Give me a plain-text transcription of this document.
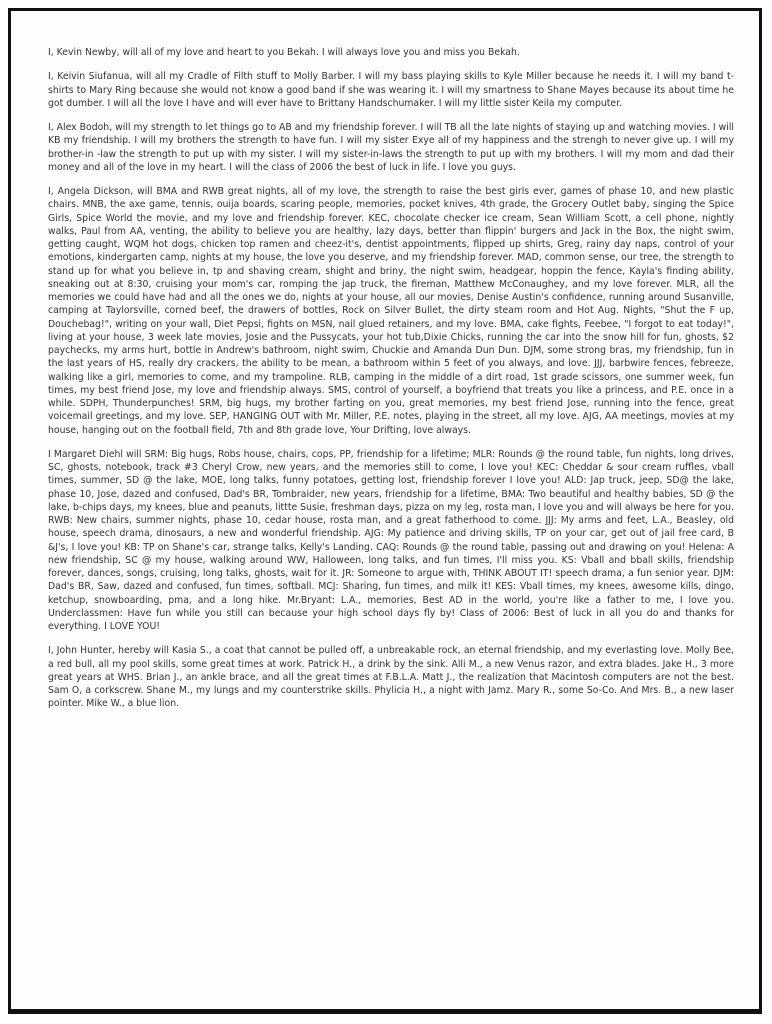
I, Kevin Newby, will all of my love and heart to you Bekah. I will always love you and miss you Bekah.

I, Keivin Siufanua, will all my Cradle of Filth stuff to Molly Barber. I will my bass playing skills to Kyle Miller because he needs it. I will my band t-shirts to Mary Ring because she would not know a good band if she was wearing it. I will my smartness to Shane Mayes because its about time he got dumber. I will all the love I have and will ever have to Brittany Handschumaker. I will my little sister Keila my computer.

I, Alex Bodoh, will my strength to let things go to AB and my friendship forever. I will TB all the late nights of staying up and watching movies. I will KB my friendship. I will my brothers the strength to have fun. I will my sister Exye all of my happiness and the strengh to never give up. I will my brother-in -law the strength to put up with my sister. I will my sister-in-laws the strength to put up with my brothers. I will my mom and dad their money and all of the love in my heart. I will the class of 2006 the best of luck in life. I love you guys.

I, Angela Dickson, will BMA and RWB great nights, all of my love, the strength to raise the best girls ever, games of phase 10, and new plastic chairs. MNB, the axe game, tennis, ouija boards, scaring people, memories, pocket knives, 4th grade, the Grocery Outlet baby, singing the Spice Girls, Spice World the movie, and my love and friendship forever. KEC, chocolate checker ice cream, Sean William Scott, a cell phone, nightly walks, Paul from AA, venting, the ability to believe you are healthy, lazy days, better than flippin' burgers and Jack in the Box, the night swim, getting caught, WQM hot dogs, chicken top ramen and cheez-it's, dentist appointments, flipped up shirts, Greg, rainy day naps, control of your emotions, kindergarten camp, nights at my house, the love you deserve, and my friendship forever. MAD, common sense, our tree, the strength to stand up for what you believe in, tp and shaving cream, shight and briny, the night swim, headgear, hoppin the fence, Kayla's finding ability, sneaking out at 8:30, cruising your mom's car, romping the jap truck, the fireman, Matthew McConaughey, and my love forever. MLR, all the memories we could have had and all the ones we do, nights at your house, all our movies, Denise Austin's confidence, running around Susanville, camping at Taylorsville, corned beef, the drawers of bottles, Rock on Silver Bullet, the dirty steam room and Hot Aug. Nights, "Shut the F up, Douchebag!", writing on your wall, Diet Pepsi, fights on MSN, nail glued retainers, and my love. BMA, cake fights, Feebee, "I forgot to eat today!", living at your house, 3 week late movies, Josie and the Pussycats, your hot tub,Dixie Chicks, running the car into the snow hill for fun, ghosts, $2 paychecks, my arms hurt, bottle in Andrew's bathroom, night swim, Chuckie and Amanda Dun Dun. DJM, some strong bras, my friendship, fun in the last years of HS, really dry crackers, the ability to be mean, a bathroom within 5 feet of you always, and love. JJJ, barbwire fences, febreeze, walking like a girl, memories to come, and my trampoline. RLB, camping in the middle of a dirt road, 1st grade scissors, one summer week, fun times, my best friend Jose, my love and friendship always. SMS, control of yourself, a boyfriend that treats you like a princess, and P.E. once in a while. SDPH, Thunderpunches! SRM, big hugs, my brother farting on you, great memories, my best friend Jose, running into the fence, great voicemail greetings, and my love. SEP, HANGING OUT with Mr. Miller, P.E. notes, playing in the street, all my love. AJG, AA meetings, movies at my house, hanging out on the football field, 7th and 8th grade love, Your Drifting, love always.

I Margaret Diehl will SRM: Big hugs, Robs house, chairs, cops, PP, friendship for a lifetime; MLR: Rounds @ the round table, fun nights, long drives, SC, ghosts, notebook, track #3 Cheryl Crow, new years, and the memories still to come, I love you! KEC: Cheddar & sour cream ruffles, vball times, summer, SD @ the lake, MOE, long talks, funny potatoes, getting lost, friendship forever I love you! ALD: Jap truck, jeep, SD@ the lake, phase 10, Jose, dazed and confused, Dad's BR, Tombraider, new years, friendship for a lifetime, BMA: Two beautiful and healthy babies, SD @ the lake, b-chips days, my knees, blue and peanuts, littte Susie, freshman days, pizza on my leg, rosta man, I love you and will always be here for you. RWB: New chairs, summer nights, phase 10, cedar house, rosta man, and a great fatherhood to come. JJJ: My arms and feet, L.A., Beasley, old house, speech drama, dinosaurs, a new and wonderful friendship. AJG: My patience and driving skills, TP on your car, get out of jail free card, B &J's, I love you! KB: TP on Shane's car, strange talks, Kelly's Landing. CAQ: Rounds @ the round table, passing out and drawing on you! Helena: A new friendship, SC @ my house, walking around WW, Halloween, long talks, and fun times, I'll miss you. KS: Vball and bball skills, friendship forever, dances, songs, cruising, long talks, ghosts, wait for it. JR: Someone to argue with, THINK ABOUT IT! speech drama, a fun senior year. DJM: Dad's BR, Saw, dazed and confused, fun times, softball. MCJ: Sharing, fun times, and milk it! KES: Vball times, my knees, awesome kills, dingo, ketchup, snowboarding, pma, and a long hike. Mr.Bryant: L.A., memories, Best AD in the world, you're like a father to me, I love you. Underclassmen: Have fun while you still can because your high school days fly by! Class of 2006: Best of luck in all you do and thanks for everything. I LOVE YOU!

I, John Hunter, hereby will Kasia S., a coat that cannot be pulled off, a unbreakable rock, an eternal friendship, and my everlasting love. Molly Bee, a red bull, all my pool skills, some great times at work. Patrick H., a drink by the sink. Alli M., a new Venus razor, and extra blades. Jake H., 3 more great years at WHS. Brian J., an ankle brace, and all the great times at F.B.L.A. Matt J., the realization that Macintosh computers are not the best. Sam O, a corkscrew. Shane M., my lungs and my counterstrike skills. Phylicia H., a night with Jamz. Mary R., some So-Co. And Mrs. B., a new laser pointer. Mike W., a blue lion.
